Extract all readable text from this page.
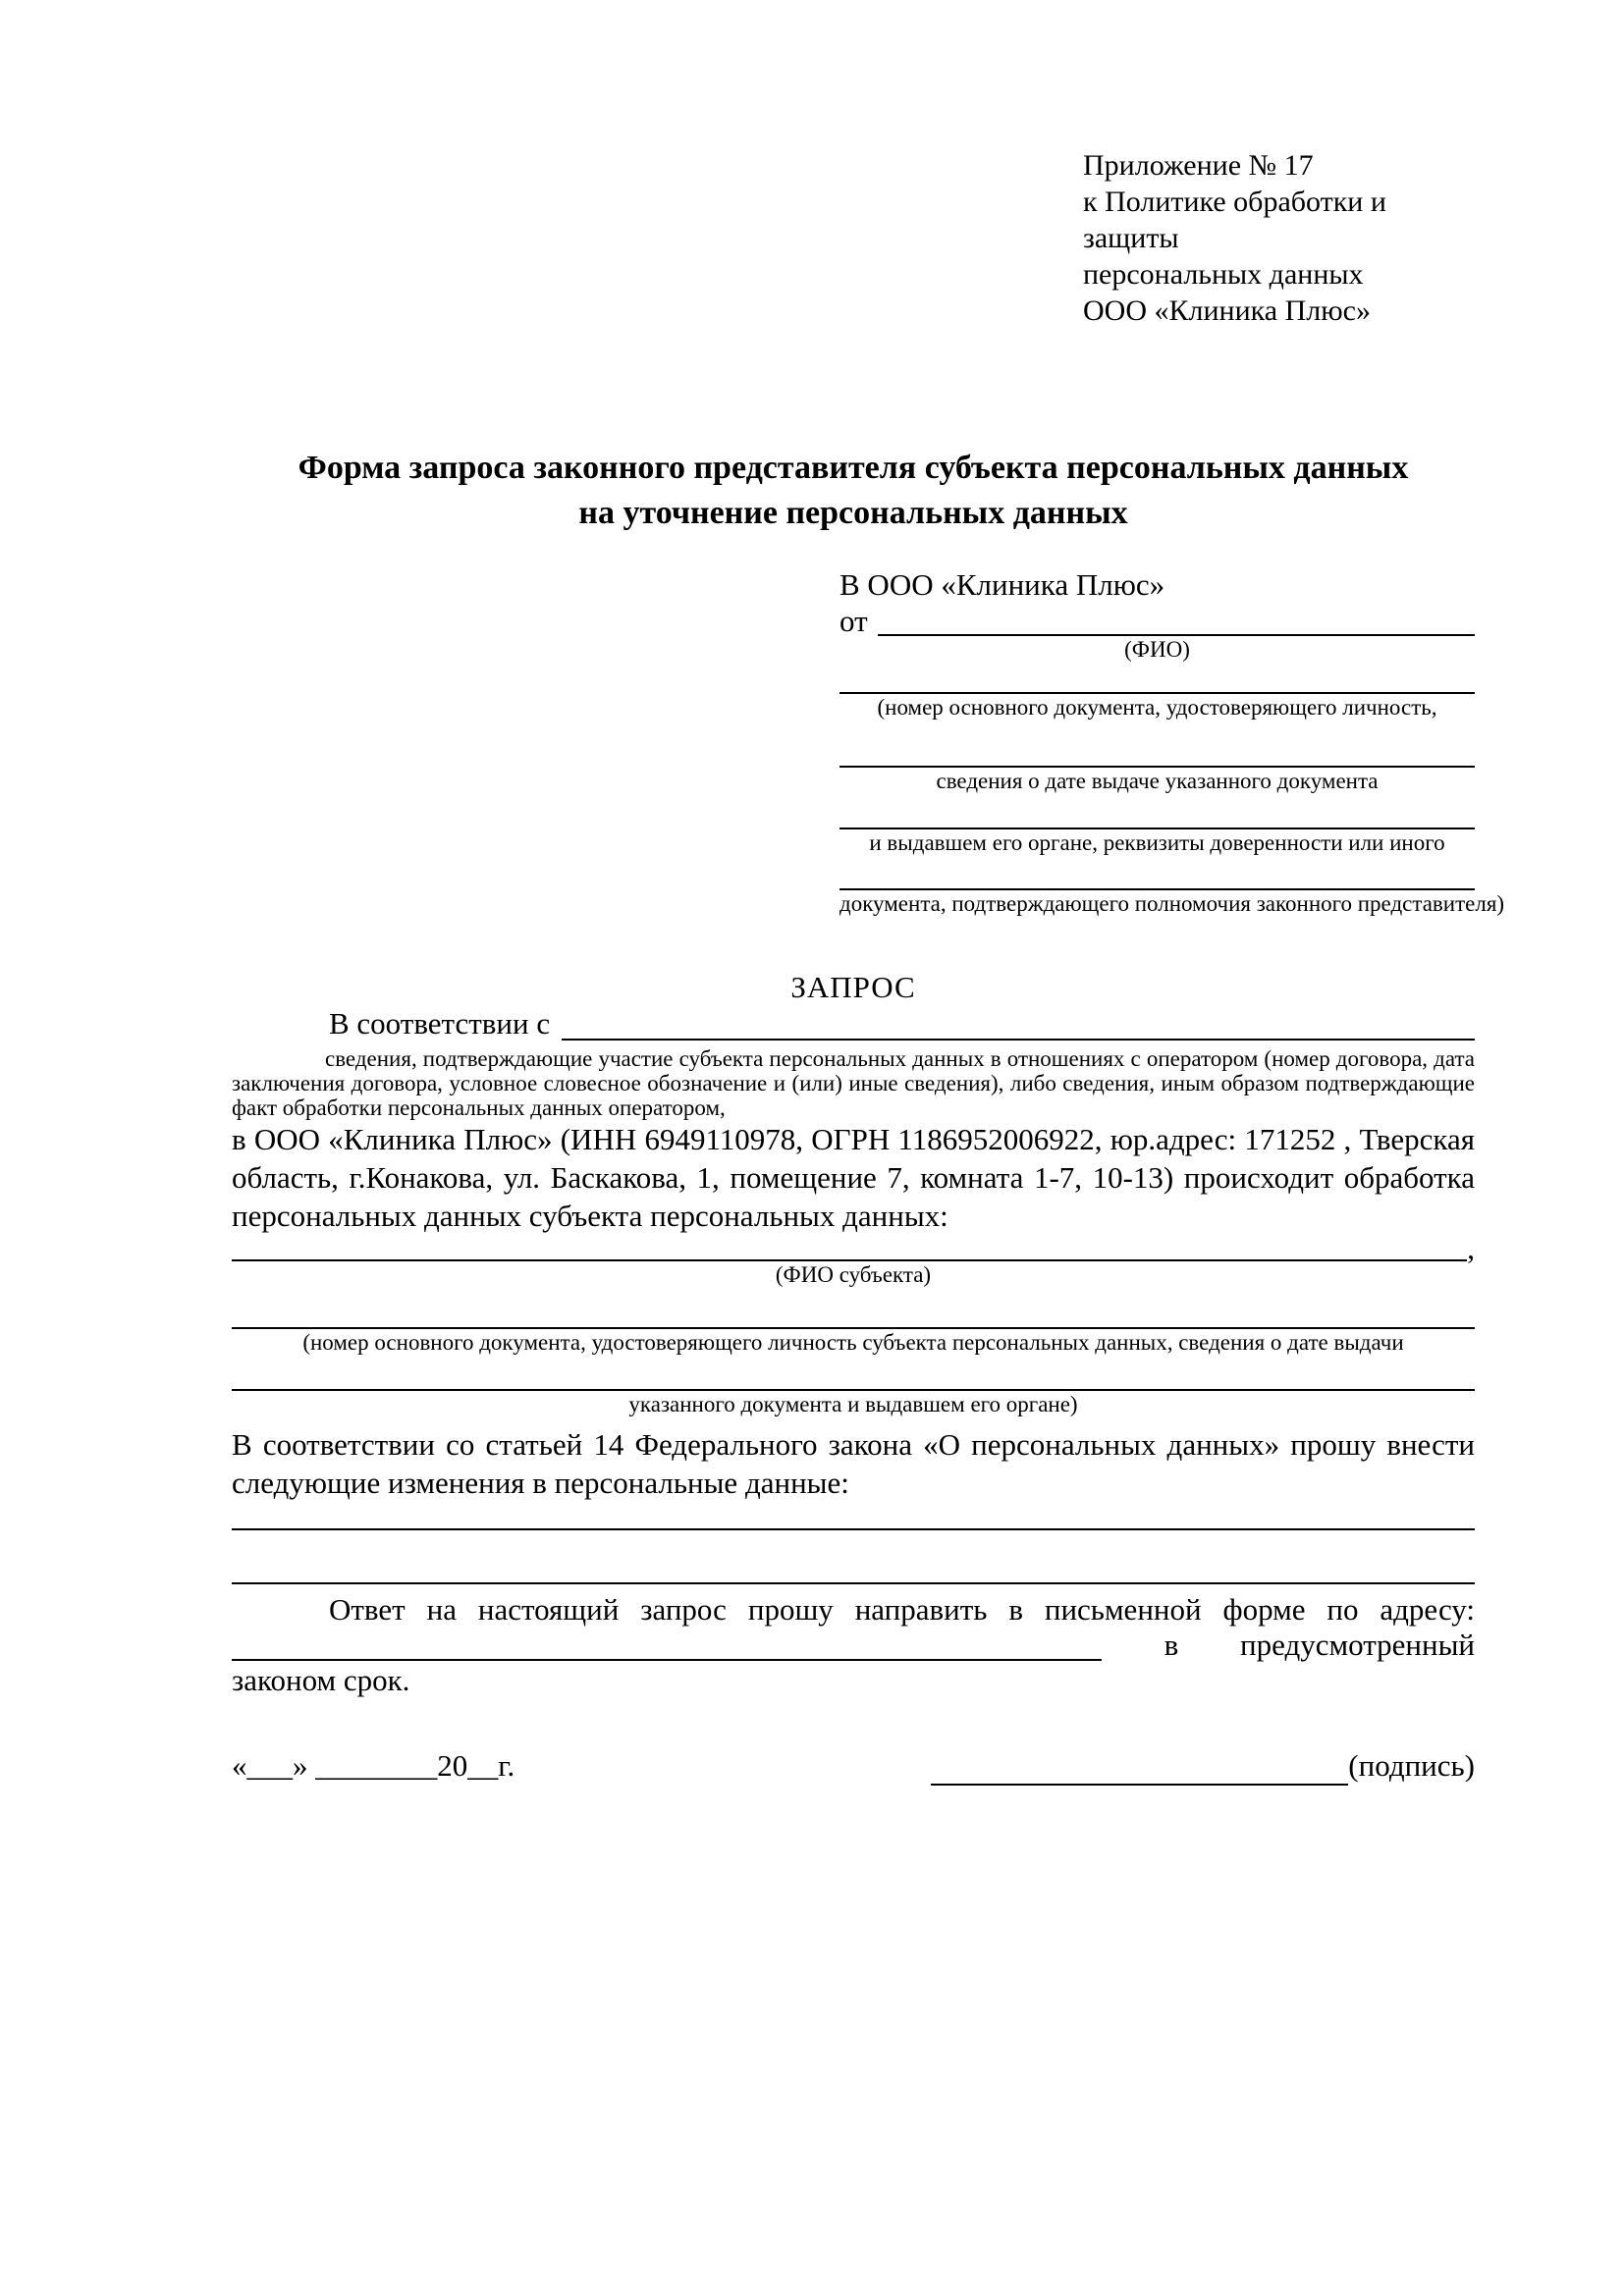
Приложение № 17
к Политике обработки и защиты
персональных данных
ООО «Клиника Плюс»
Форма запроса законного представителя субъекта персональных данных
на уточнение персональных данных
В ООО «Клиника Плюс»
от
(ФИО)
(номер основного документа, удостоверяющего личность,
сведения о дате выдаче указанного документа
и выдавшем его органе, реквизиты доверенности или иного
документа, подтверждающего полномочия законного представителя)
ЗАПРОС
В соответствии с
сведения, подтверждающие участие субъекта персональных данных в отношениях с оператором (номер договора, дата заключения договора, условное словесное обозначение и (или) иные сведения), либо сведения, иным образом подтверждающие факт обработки персональных данных оператором,
в ООО «Клиника Плюс» (ИНН 6949110978, ОГРН 1186952006922, юр.адрес: 171252 , Тверская область, г.Конакова, ул. Баскакова, 1, помещение 7, комната 1-7, 10-13) происходит обработка персональных данных субъекта персональных данных:
,
(ФИО субъекта)
(номер основного документа, удостоверяющего личность субъекта персональных данных, сведения о дате выдачи
указанного документа и выдавшем его органе)
В соответствии со статьей 14 Федерального закона «О персональных данных» прошу внести следующие изменения в персональные данные:
Ответ на настоящий запрос прошу направить в письменной форме по адресу:
в предусмотренный
законом срок.
«___» ________20__г.	(подпись)
